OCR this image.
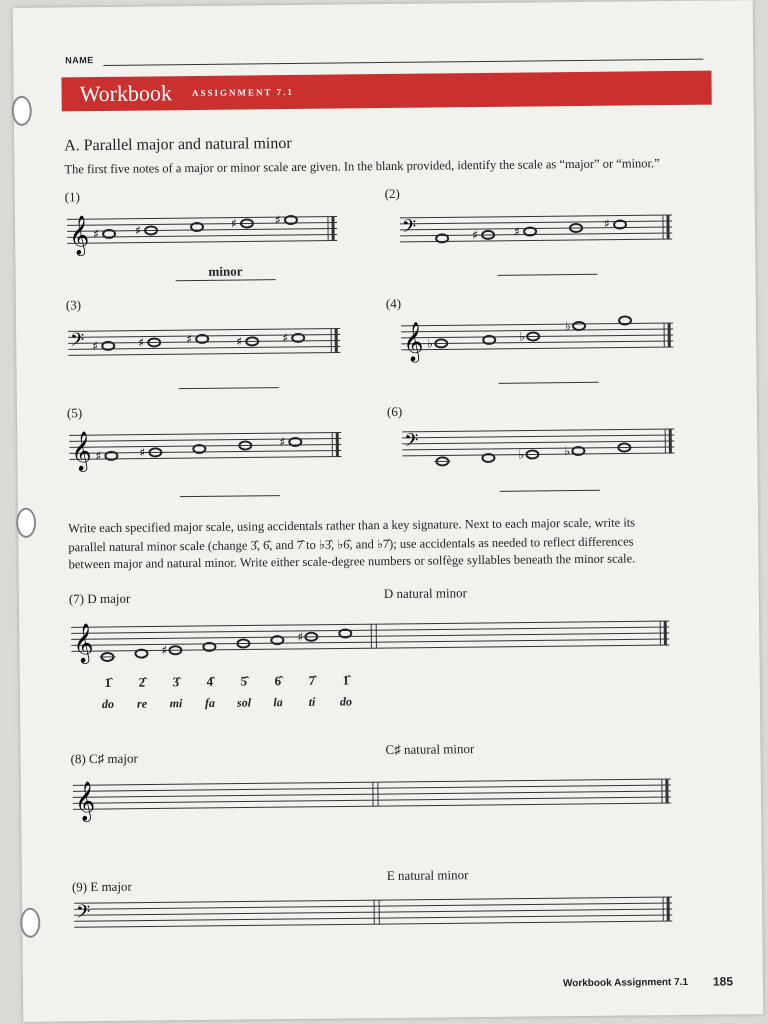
NAME
Workbook ASSIGNMENT 7.1
A. Parallel major and natural minor
The first five notes of a major or minor scale are given. In the blank provided, identify the scale as “major” or “minor.”
(1)	(2)
(3)	(4)
(5)	(6)
𝄞 ♯	♯	♯	♯
minor
𝄢	♯	♯
♯
𝄢 ♯	♯	♯	♯	♯	𝄞 ♭	♭
♭
𝄞 ♯	♯
♯	𝄢	♭	♭
Write each specified major scale, using accidentals rather than a key signature. Next to each major scale, write its
parallel natural minor scale (change 3̂, 6̂, and 7̂ to ♭3̂, ♭6̂, and ♭7̂); use accidentals as needed to reflect differences
between major and natural minor. Write either scale-degree numbers or solfège syllables beneath the minor scale.
(7) D major	D natural minor
𝄞	♯
♯
1̂	2̂	3̂	4̂	5̂	6̂	7̂	1̂
do	re	mi	fa	sol	la	ti	do
(8) C♯ major
C♯ natural minor
𝄞
(9) E major
E natural minor
𝄢
Workbook Assignment 7.1 185
